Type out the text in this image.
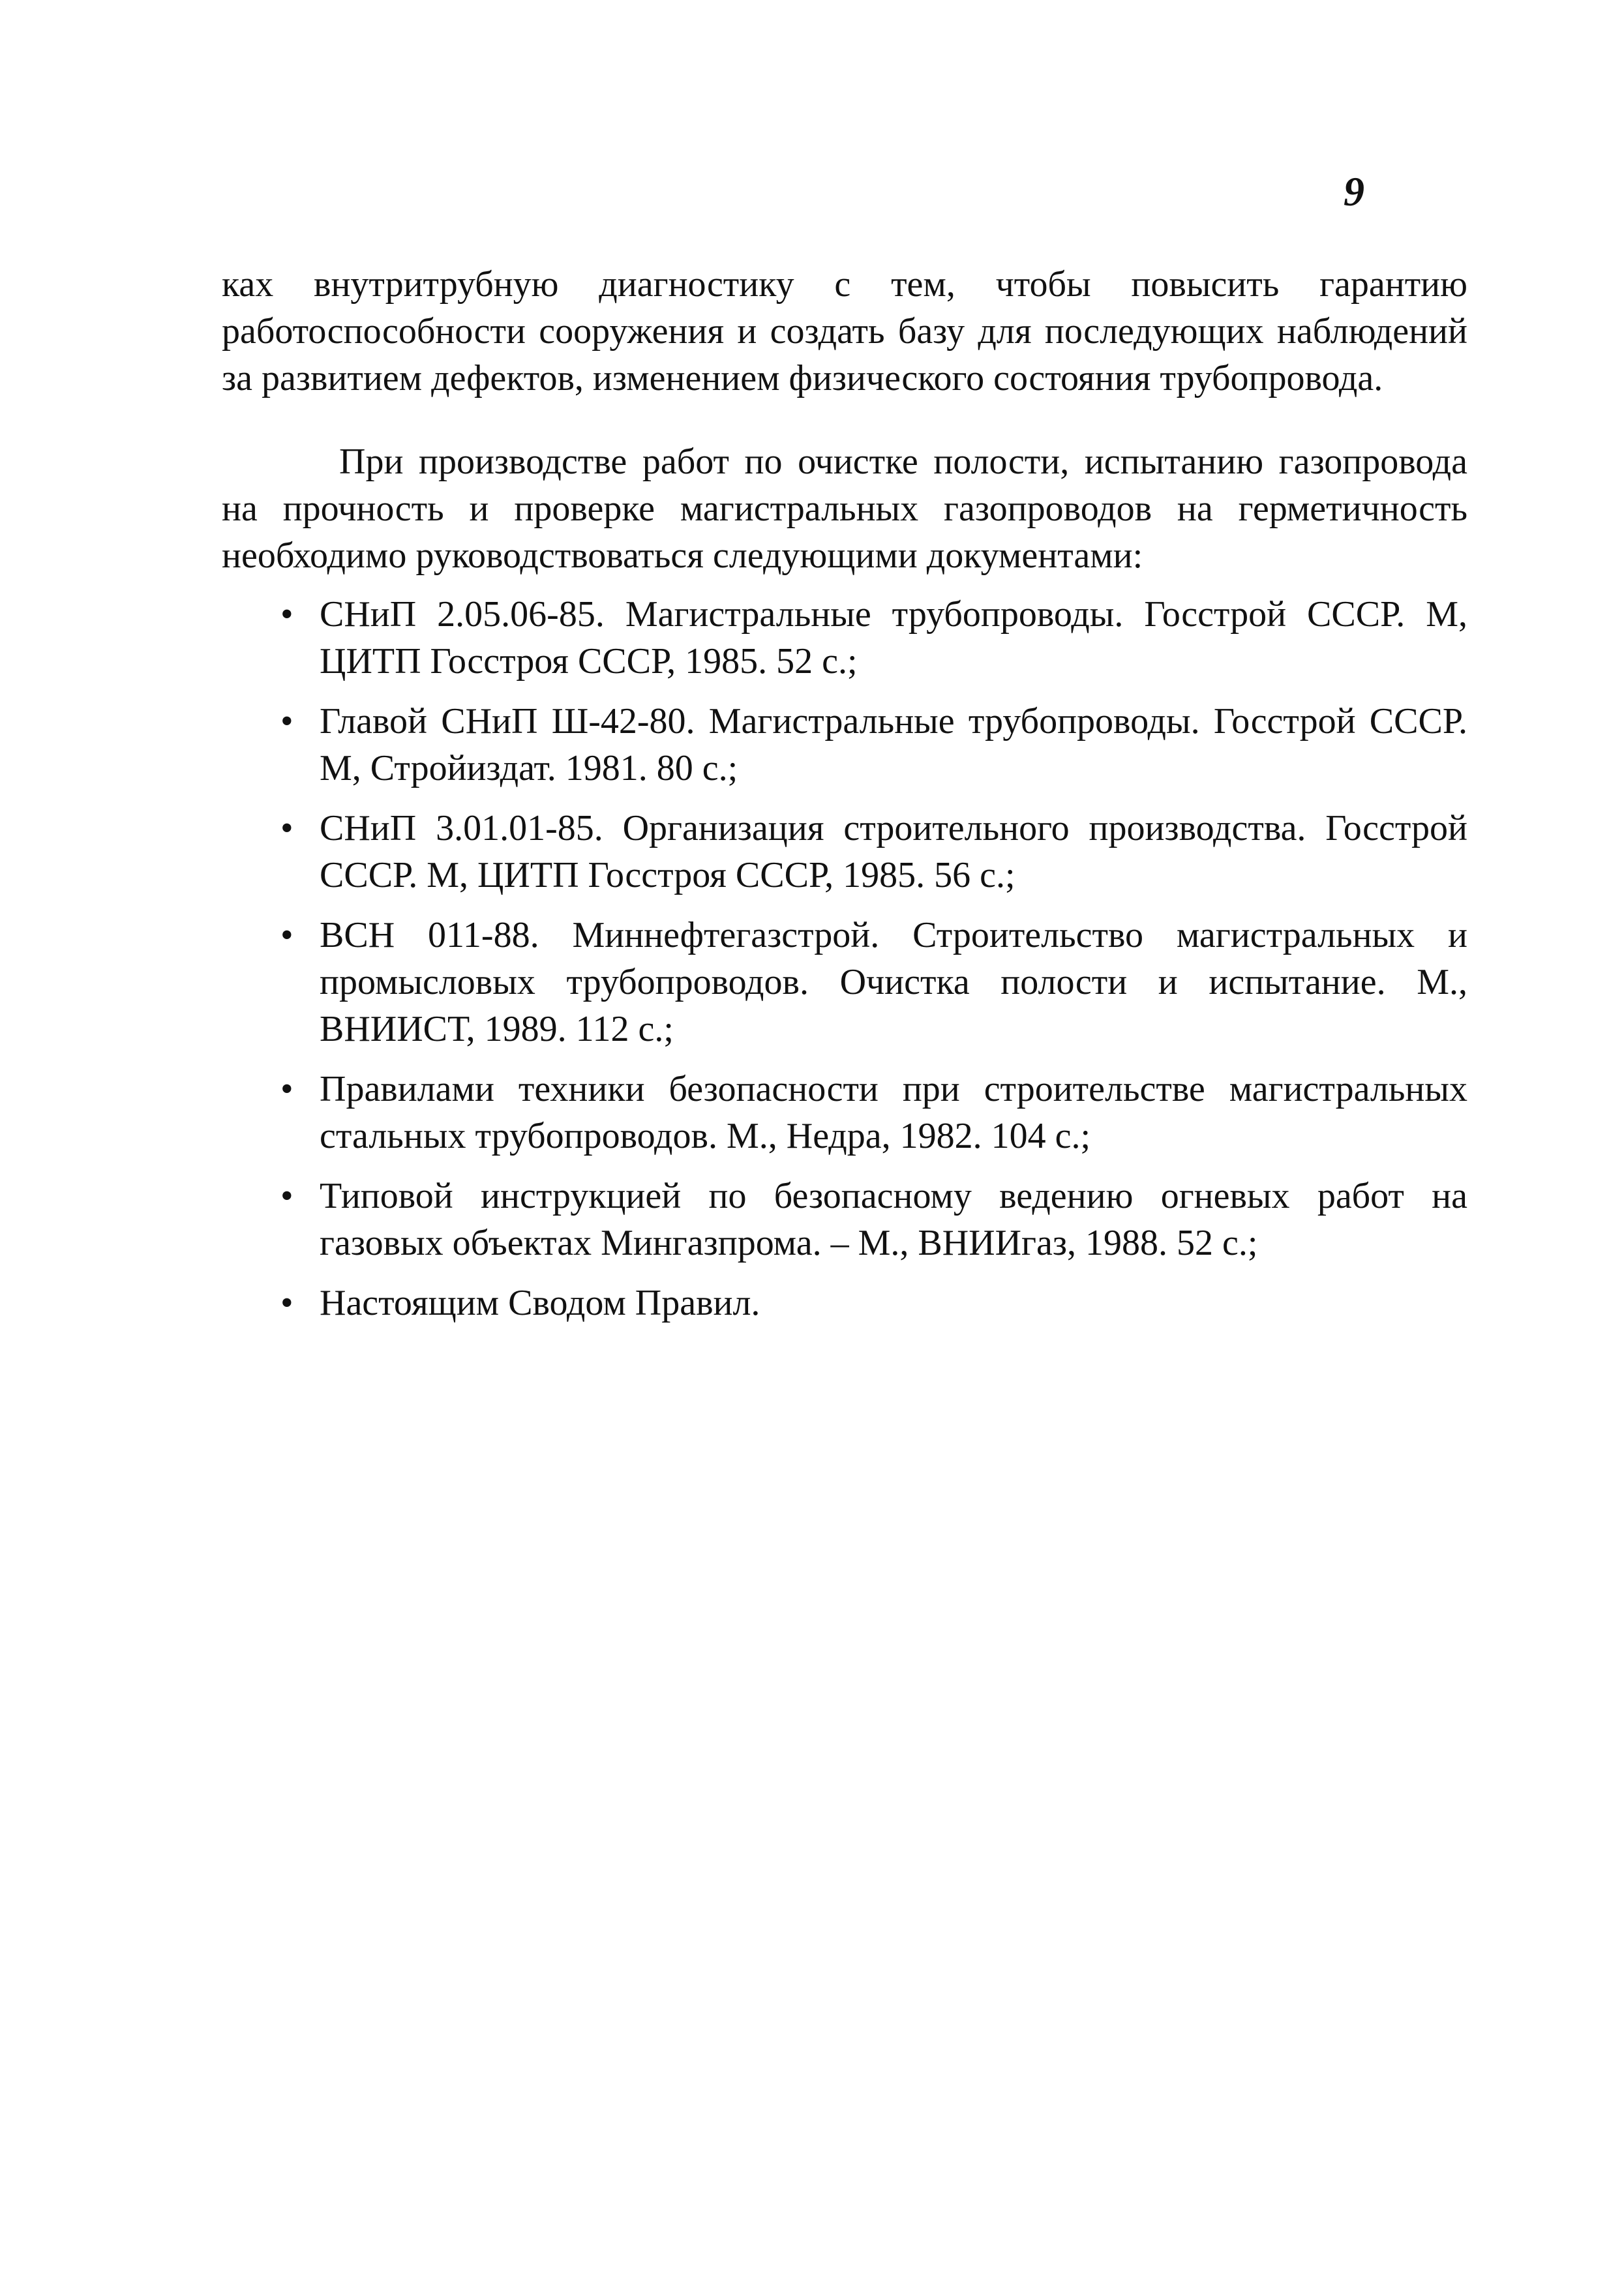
9

ках внутритрубную диагностику с тем, чтобы повысить гарантию работоспособности сооружения и создать базу для последующих наблюдений за развитием дефектов, изменением физического состояния трубопровода.

При производстве работ по очистке полости, испытанию газопровода на прочность и проверке магистральных газопроводов на герметичность необходимо руководствоваться следующими документами:

• СНиП 2.05.06-85. Магистральные трубопроводы. Госстрой СССР. М, ЦИТП Госстроя СССР, 1985. 52 с.;
• Главой СНиП Ш-42-80. Магистральные трубопроводы. Госстрой СССР. М, Стройиздат. 1981. 80 с.;
• СНиП 3.01.01-85. Организация строительного производства. Госстрой СССР. М, ЦИТП Госстроя СССР, 1985. 56 с.;
• ВСН 011-88. Миннефтегазстрой. Строительство магистральных и промысловых трубопроводов. Очистка полости и испытание. М., ВНИИСТ, 1989. 112 с.;
• Правилами техники безопасности при строительстве магистральных стальных трубопроводов. М., Недра, 1982. 104 с.;
• Типовой инструкцией по безопасному ведению огневых работ на газовых объектах Мингазпрома. – М., ВНИИгаз, 1988. 52 с.;
• Настоящим Сводом Правил.
